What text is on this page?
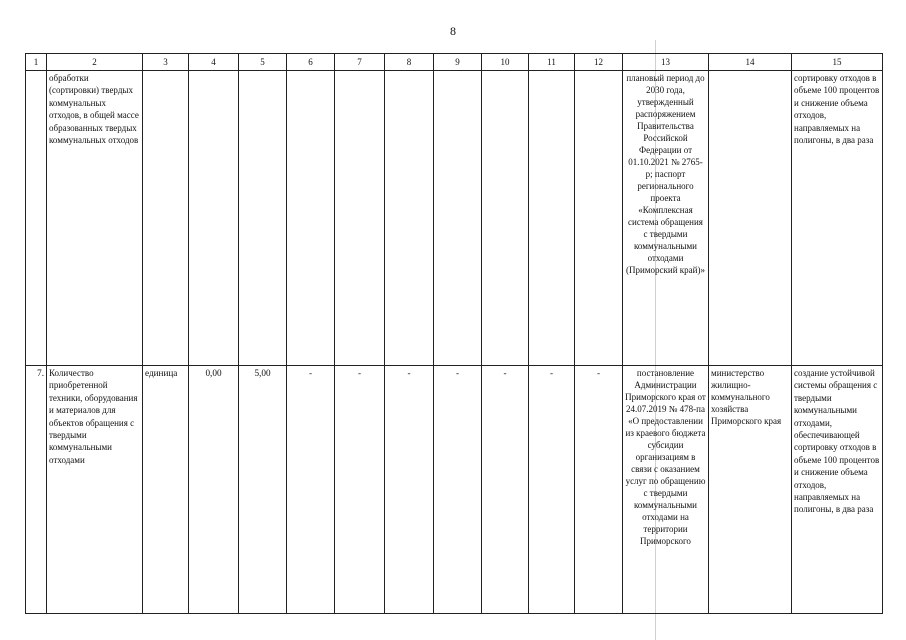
8
1	2	3	4	5	6	7	8	9	10	11	12	13	14	15
	обработки (сортировки) твердых коммунальных отходов, в общей массе образованных твердых коммунальных отходов											плановый период до 2030 года, утвержденный распоряжением Правительства Российской Федерации от 01.10.2021 № 2765-р; паспорт регионального проекта «Комплексная система обращения с твердыми коммунальными отходами (Приморский край)»		сортировку отходов в объеме 100 процентов и снижение объема отходов, направляемых на полигоны, в два раза
7.	Количество приобретенной техники, оборудования и материалов для объектов обращения с твердыми коммунальными отходами	единица	0,00	5,00	-	-	-	-	-	-	-	постановление Администрации Приморского края от 24.07.2019 № 478-па «О предоставлении из краевого бюджета субсидии организациям в связи с оказанием услуг по обращению с твердыми коммунальными отходами на территории Приморского	министерство жилищно-коммунального хозяйства Приморского края	создание устойчивой системы обращения с твердыми коммунальными отходами, обеспечивающей сортировку отходов в объеме 100 процентов и снижение объема отходов, направляемых на полигоны, в два раза
